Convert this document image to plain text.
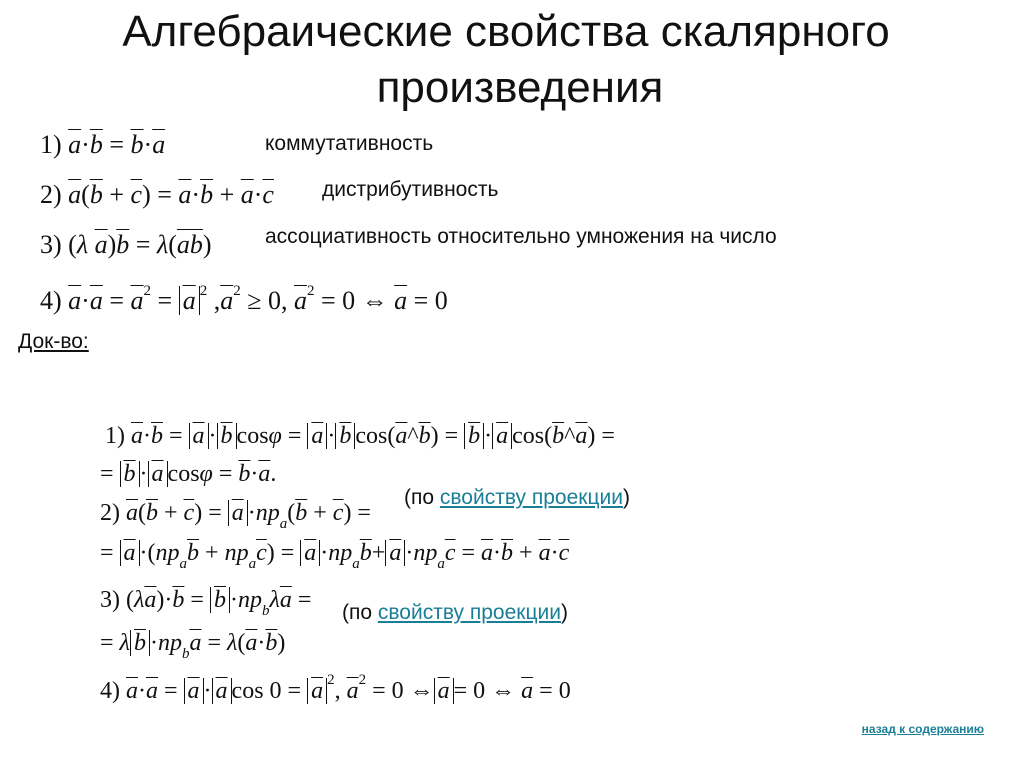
Алгебраические свойства скалярного
произведения
1) $\overline{a}\cdot\overline{b} = \overline{b}\cdot\overline{a}$	коммутативность
2) $\overline{a}(\overline{b} + \overline{c}) = \overline{a}\cdot\overline{b} + \overline{a}\cdot\overline{c}$ дистрибутивность
3) (λ $\overline{a})\overline{b} = \lambda(\overline{ab})$	ассоциативность относительно умножения на число
4) $\overline{a}\cdot\overline{a} = \overline{a}^2 = \overline{a}$ $^2$ $,\overline{a}^2 \ge 0$, $\overline{a}^2 = 0$ ⇔ $\overline{a} = 0$
Док-во:
1) $\overline{a}\cdot\overline{b} = \overline{a} \cdot \overline{b}$ $\cos\varphi = \overline{a} \cdot \overline{b}$ $\cos(\overline{a}\^{}\overline{b}) = \overline{b} \cdot \overline{a}$ $\cos(\overline{b}\^{}\overline{a})$ =
= $\overline{b} \cdot \overline{a}$ $\cos\varphi = \overline{b}\cdot\overline{a}$.
2) $\overline{a}(\overline{b} + \overline{c}) = \overline{a} \cdot np_a(\overline{b} + \overline{c})$ =
(по свойству проекции)
= $\overline{a} \cdot(np_a\overline{b} + np_a\overline{c}) = \overline{a} \cdot np_a\overline{b}+ \overline{a} \cdot np_a\overline{c} = \overline{a}\cdot\overline{b} + \overline{a}\cdot\overline{c}$
3) $(\lambda\overline{a})\cdot\overline{b} = \overline{b} \cdot np_b\lambda\overline{a} = (по$ свойству проекции)
= λ $\overline{b} \cdot np_b\overline{a} = \lambda(\overline{a}\cdot\overline{b})$
4) $\overline{a}\cdot\overline{a} = \overline{a} \cdot \overline{a}$ $\cos 0 = \overline{a}$ $^2$, $\overline{a}^2 = 0$ ⇔ $\overline{a} = 0$ ⇔ $\overline{a} = 0$
назад к содержанию
